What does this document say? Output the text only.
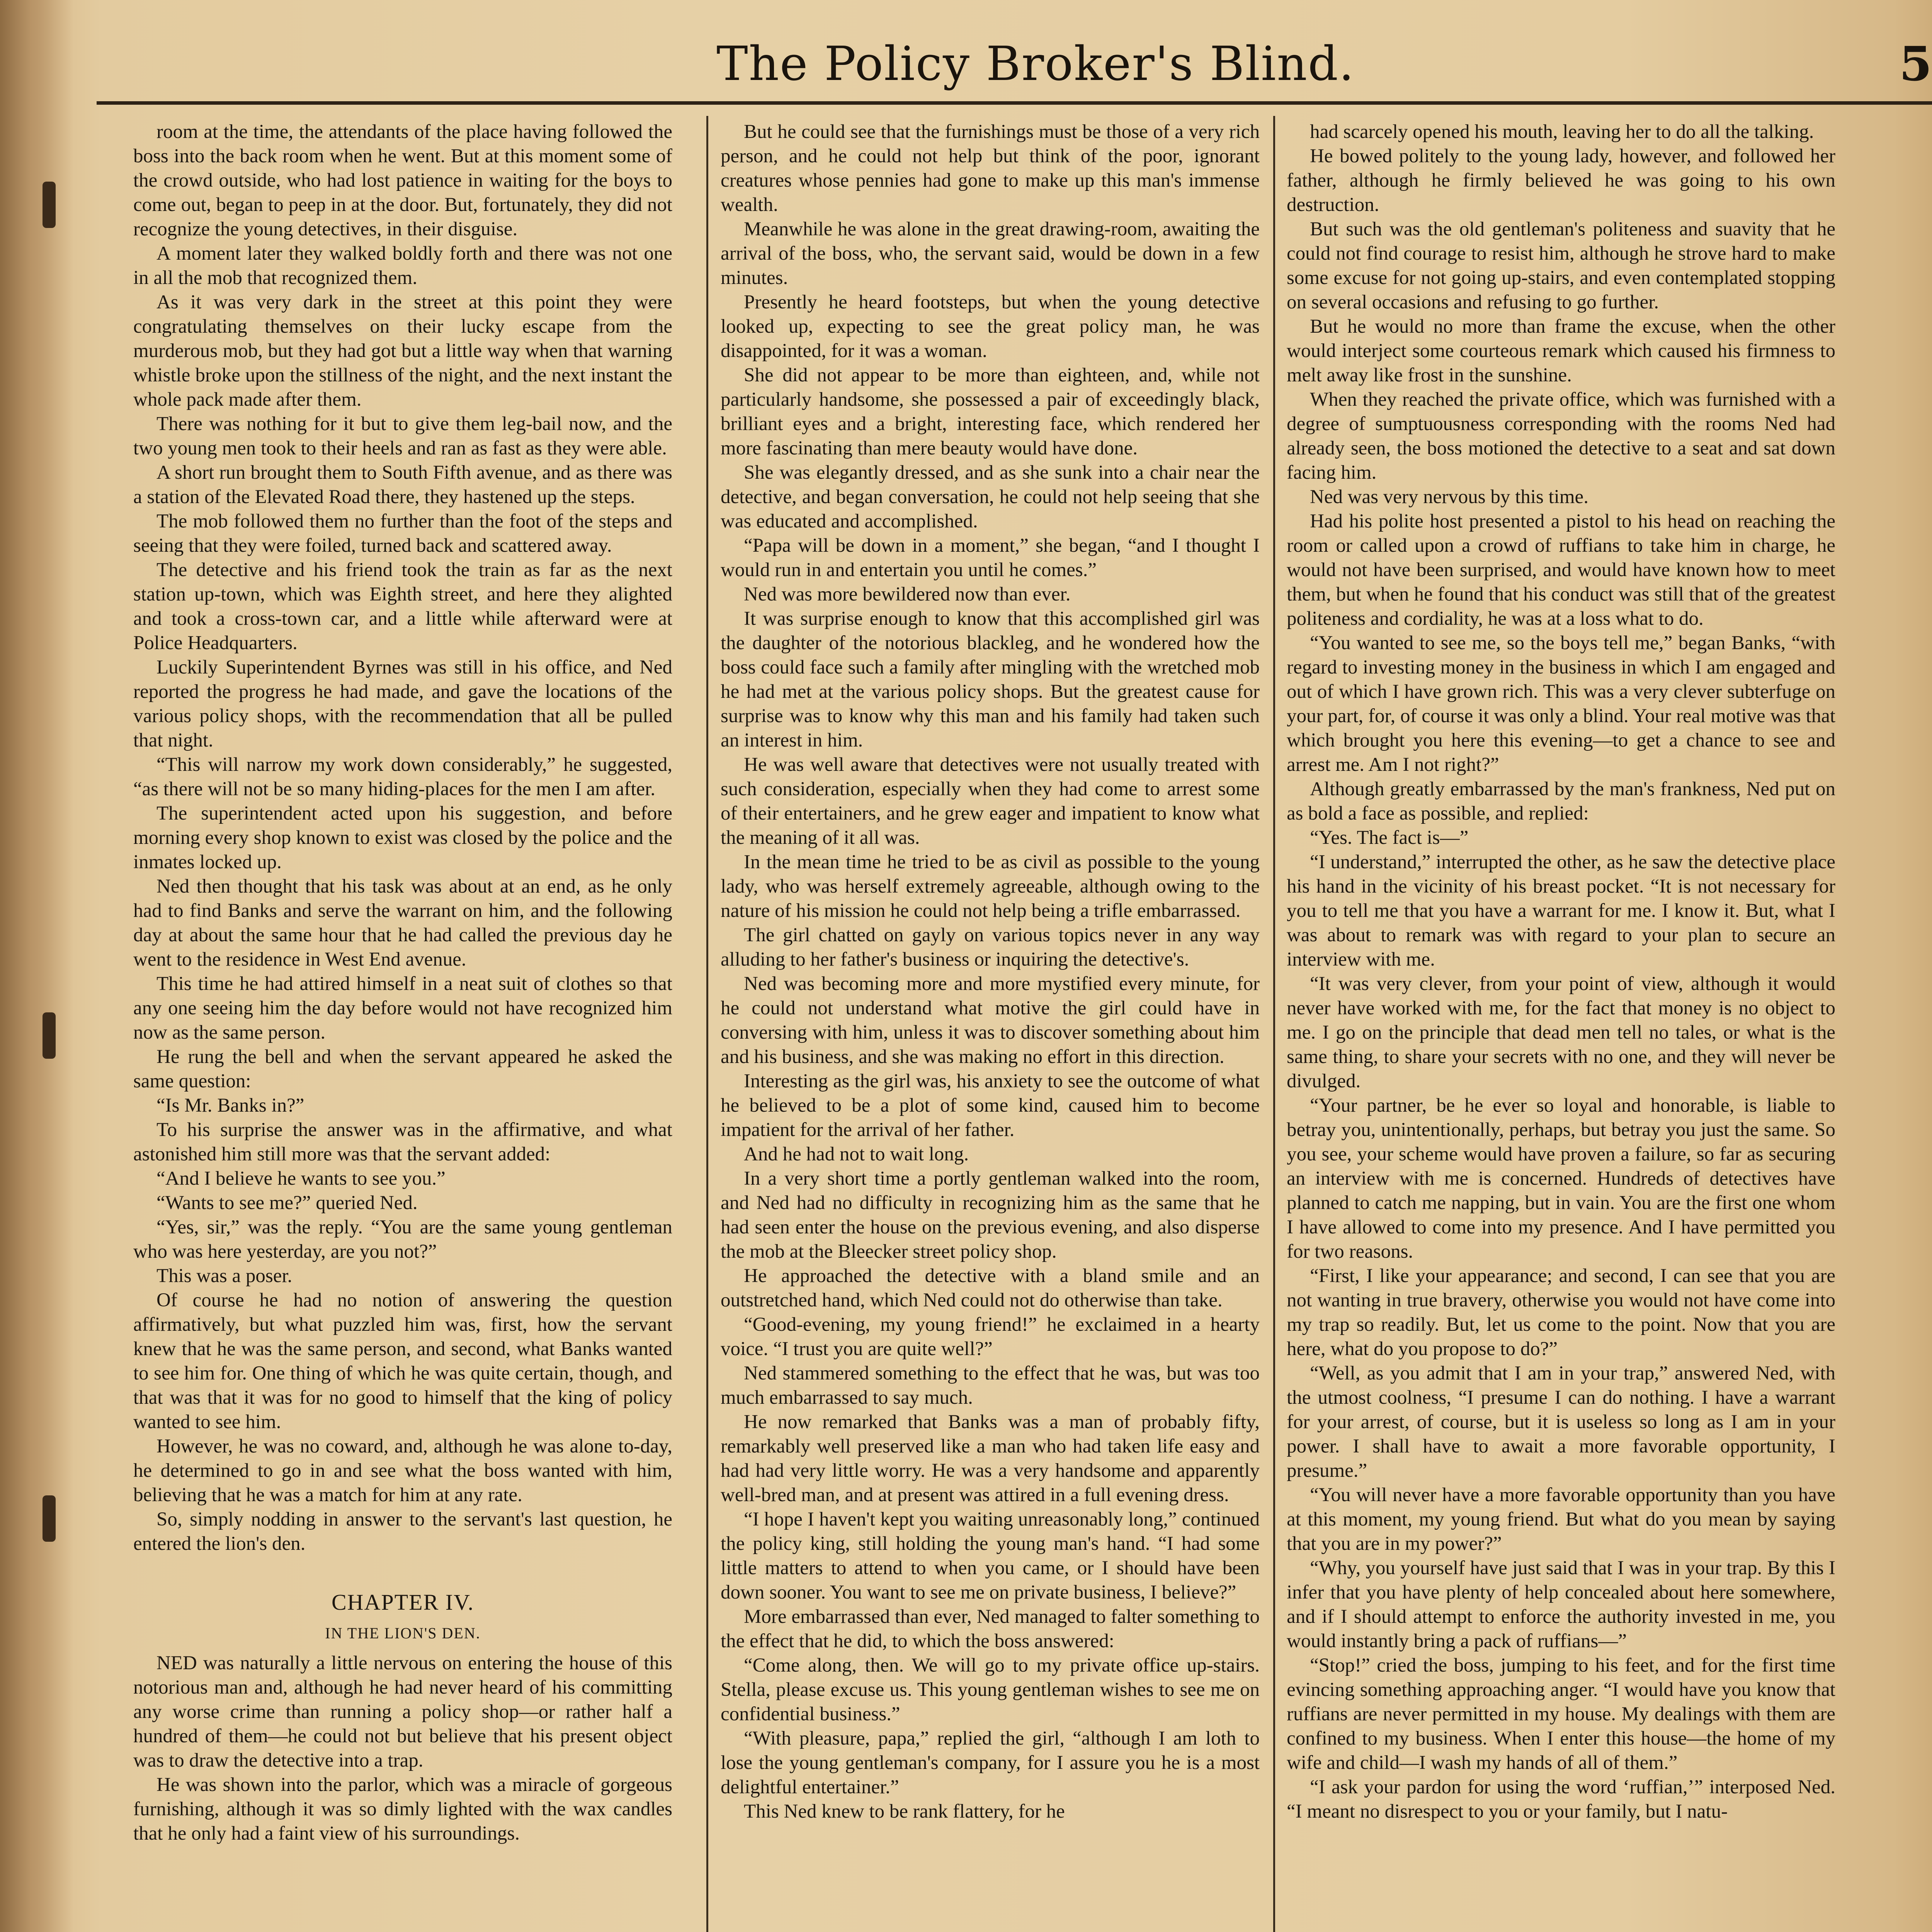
The Policy Broker's Blind.	5

room at the time, the attendants of the place having followed the boss into the back room when he went. But at this moment some of the crowd outside, who had lost patience in waiting for the boys to come out, began to peep in at the door. But, fortunately, they did not recognize the young detectives, in their disguise.

A moment later they walked boldly forth and there was not one in all the mob that recognized them.

As it was very dark in the street at this point they were congratulating themselves on their lucky escape from the murderous mob, but they had got but a little way when that warning whistle broke upon the stillness of the night, and the next instant the whole pack made after them.

There was nothing for it but to give them leg-bail now, and the two young men took to their heels and ran as fast as they were able.

A short run brought them to South Fifth avenue, and as there was a station of the Elevated Road there, they hastened up the steps.

The mob followed them no further than the foot of the steps and seeing that they were foiled, turned back and scattered away.

The detective and his friend took the train as far as the next station up-town, which was Eighth street, and here they alighted and took a cross-town car, and a little while afterward were at Police Headquarters.

Luckily Superintendent Byrnes was still in his office, and Ned reported the progress he had made, and gave the locations of the various policy shops, with the recommendation that all be pulled that night.

“This will narrow my work down considerably,” he suggested, “as there will not be so many hiding-places for the men I am after.

The superintendent acted upon his suggestion, and before morning every shop known to exist was closed by the police and the inmates locked up.

Ned then thought that his task was about at an end, as he only had to find Banks and serve the warrant on him, and the following day at about the same hour that he had called the previous day he went to the residence in West End avenue.

This time he had attired himself in a neat suit of clothes so that any one seeing him the day before would not have recognized him now as the same person.

He rung the bell and when the servant appeared he asked the same question:

“Is Mr. Banks in?”

To his surprise the answer was in the affirmative, and what astonished him still more was that the servant added:

“And I believe he wants to see you.”

“Wants to see me?” queried Ned.

“Yes, sir,” was the reply. “You are the same young gentleman who was here yesterday, are you not?”

This was a poser.

Of course he had no notion of answering the question affirmatively, but what puzzled him was, first, how the servant knew that he was the same person, and second, what Banks wanted to see him for. One thing of which he was quite certain, though, and that was that it was for no good to himself that the king of policy wanted to see him.

However, he was no coward, and, although he was alone to-day, he determined to go in and see what the boss wanted with him, believing that he was a match for him at any rate.

So, simply nodding in answer to the servant's last question, he entered the lion's den.

CHAPTER IV.
IN THE LION'S DEN.

NED was naturally a little nervous on entering the house of this notorious man and, although he had never heard of his committing any worse crime than running a policy shop—or rather half a hundred of them—he could not but believe that his present object was to draw the detective into a trap.

He was shown into the parlor, which was a miracle of gorgeous furnishing, although it was so dimly lighted with the wax candles that he only had a faint view of his surroundings.

But he could see that the furnishings must be those of a very rich person, and he could not help but think of the poor, ignorant creatures whose pennies had gone to make up this man's immense wealth.

Meanwhile he was alone in the great drawing-room, awaiting the arrival of the boss, who, the servant said, would be down in a few minutes.

Presently he heard footsteps, but when the young detective looked up, expecting to see the great policy man, he was disappointed, for it was a woman.

She did not appear to be more than eighteen, and, while not particularly handsome, she possessed a pair of exceedingly black, brilliant eyes and a bright, interesting face, which rendered her more fascinating than mere beauty would have done.

She was elegantly dressed, and as she sunk into a chair near the detective, and began conversation, he could not help seeing that she was educated and accomplished.

“Papa will be down in a moment,” she began, “and I thought I would run in and entertain you until he comes.”

Ned was more bewildered now than ever.

It was surprise enough to know that this accomplished girl was the daughter of the notorious blackleg, and he wondered how the boss could face such a family after mingling with the wretched mob he had met at the various policy shops. But the greatest cause for surprise was to know why this man and his family had taken such an interest in him.

He was well aware that detectives were not usually treated with such consideration, especially when they had come to arrest some of their entertainers, and he grew eager and impatient to know what the meaning of it all was.

In the mean time he tried to be as civil as possible to the young lady, who was herself extremely agreeable, although owing to the nature of his mission he could not help being a trifle embarrassed.

The girl chatted on gayly on various topics never in any way alluding to her father's business or inquiring the detective's.

Ned was becoming more and more mystified every minute, for he could not understand what motive the girl could have in conversing with him, unless it was to discover something about him and his business, and she was making no effort in this direction.

Interesting as the girl was, his anxiety to see the outcome of what he believed to be a plot of some kind, caused him to become impatient for the arrival of her father.

And he had not to wait long.

In a very short time a portly gentleman walked into the room, and Ned had no difficulty in recognizing him as the same that he had seen enter the house on the previous evening, and also disperse the mob at the Bleecker street policy shop.

He approached the detective with a bland smile and an outstretched hand, which Ned could not do otherwise than take.

“Good-evening, my young friend!” he exclaimed in a hearty voice. “I trust you are quite well?”

Ned stammered something to the effect that he was, but was too much embarrassed to say much.

He now remarked that Banks was a man of probably fifty, remarkably well preserved like a man who had taken life easy and had had very little worry. He was a very handsome and apparently well-bred man, and at present was attired in a full evening dress.

“I hope I haven't kept you waiting unreasonably long,” continued the policy king, still holding the young man's hand. “I had some little matters to attend to when you came, or I should have been down sooner. You want to see me on private business, I believe?”

More embarrassed than ever, Ned managed to falter something to the effect that he did, to which the boss answered:

“Come along, then. We will go to my private office up-stairs. Stella, please excuse us. This young gentleman wishes to see me on confidential business.”

“With pleasure, papa,” replied the girl, “although I am loth to lose the young gentleman's company, for I assure you he is a most delightful entertainer.”

This Ned knew to be rank flattery, for he

had scarcely opened his mouth, leaving her to do all the talking.

He bowed politely to the young lady, however, and followed her father, although he firmly believed he was going to his own destruction.

But such was the old gentleman's politeness and suavity that he could not find courage to resist him, although he strove hard to make some excuse for not going up-stairs, and even contemplated stopping on several occasions and refusing to go further.

But he would no more than frame the excuse, when the other would interject some courteous remark which caused his firmness to melt away like frost in the sunshine.

When they reached the private office, which was furnished with a degree of sumptuousness corresponding with the rooms Ned had already seen, the boss motioned the detective to a seat and sat down facing him.

Ned was very nervous by this time.

Had his polite host presented a pistol to his head on reaching the room or called upon a crowd of ruffians to take him in charge, he would not have been surprised, and would have known how to meet them, but when he found that his conduct was still that of the greatest politeness and cordiality, he was at a loss what to do.

“You wanted to see me, so the boys tell me,” began Banks, “with regard to investing money in the business in which I am engaged and out of which I have grown rich. This was a very clever subterfuge on your part, for, of course it was only a blind. Your real motive was that which brought you here this evening—to get a chance to see and arrest me. Am I not right?”

Although greatly embarrassed by the man's frankness, Ned put on as bold a face as possible, and replied:

“Yes. The fact is—”

“I understand,” interrupted the other, as he saw the detective place his hand in the vicinity of his breast pocket. “It is not necessary for you to tell me that you have a warrant for me. I know it. But, what I was about to remark was with regard to your plan to secure an interview with me.

“It was very clever, from your point of view, although it would never have worked with me, for the fact that money is no object to me. I go on the principle that dead men tell no tales, or what is the same thing, to share your secrets with no one, and they will never be divulged.

“Your partner, be he ever so loyal and honorable, is liable to betray you, unintentionally, perhaps, but betray you just the same. So you see, your scheme would have proven a failure, so far as securing an interview with me is concerned. Hundreds of detectives have planned to catch me napping, but in vain. You are the first one whom I have allowed to come into my presence. And I have permitted you for two reasons.

“First, I like your appearance; and second, I can see that you are not wanting in true bravery, otherwise you would not have come into my trap so readily. But, let us come to the point. Now that you are here, what do you propose to do?”

“Well, as you admit that I am in your trap,” answered Ned, with the utmost coolness, “I presume I can do nothing. I have a warrant for your arrest, of course, but it is useless so long as I am in your power. I shall have to await a more favorable opportunity, I presume.”

“You will never have a more favorable opportunity than you have at this moment, my young friend. But what do you mean by saying that you are in my power?”

“Why, you yourself have just said that I was in your trap. By this I infer that you have plenty of help concealed about here somewhere, and if I should attempt to enforce the authority invested in me, you would instantly bring a pack of ruffians—”

“Stop!” cried the boss, jumping to his feet, and for the first time evincing something approaching anger. “I would have you know that ruffians are never permitted in my house. My dealings with them are confined to my business. When I enter this house—the home of my wife and child—I wash my hands of all of them.”

“I ask your pardon for using the word ‘ruffian,’” interposed Ned. “I meant no disrespect to you or your family, but I natu-
